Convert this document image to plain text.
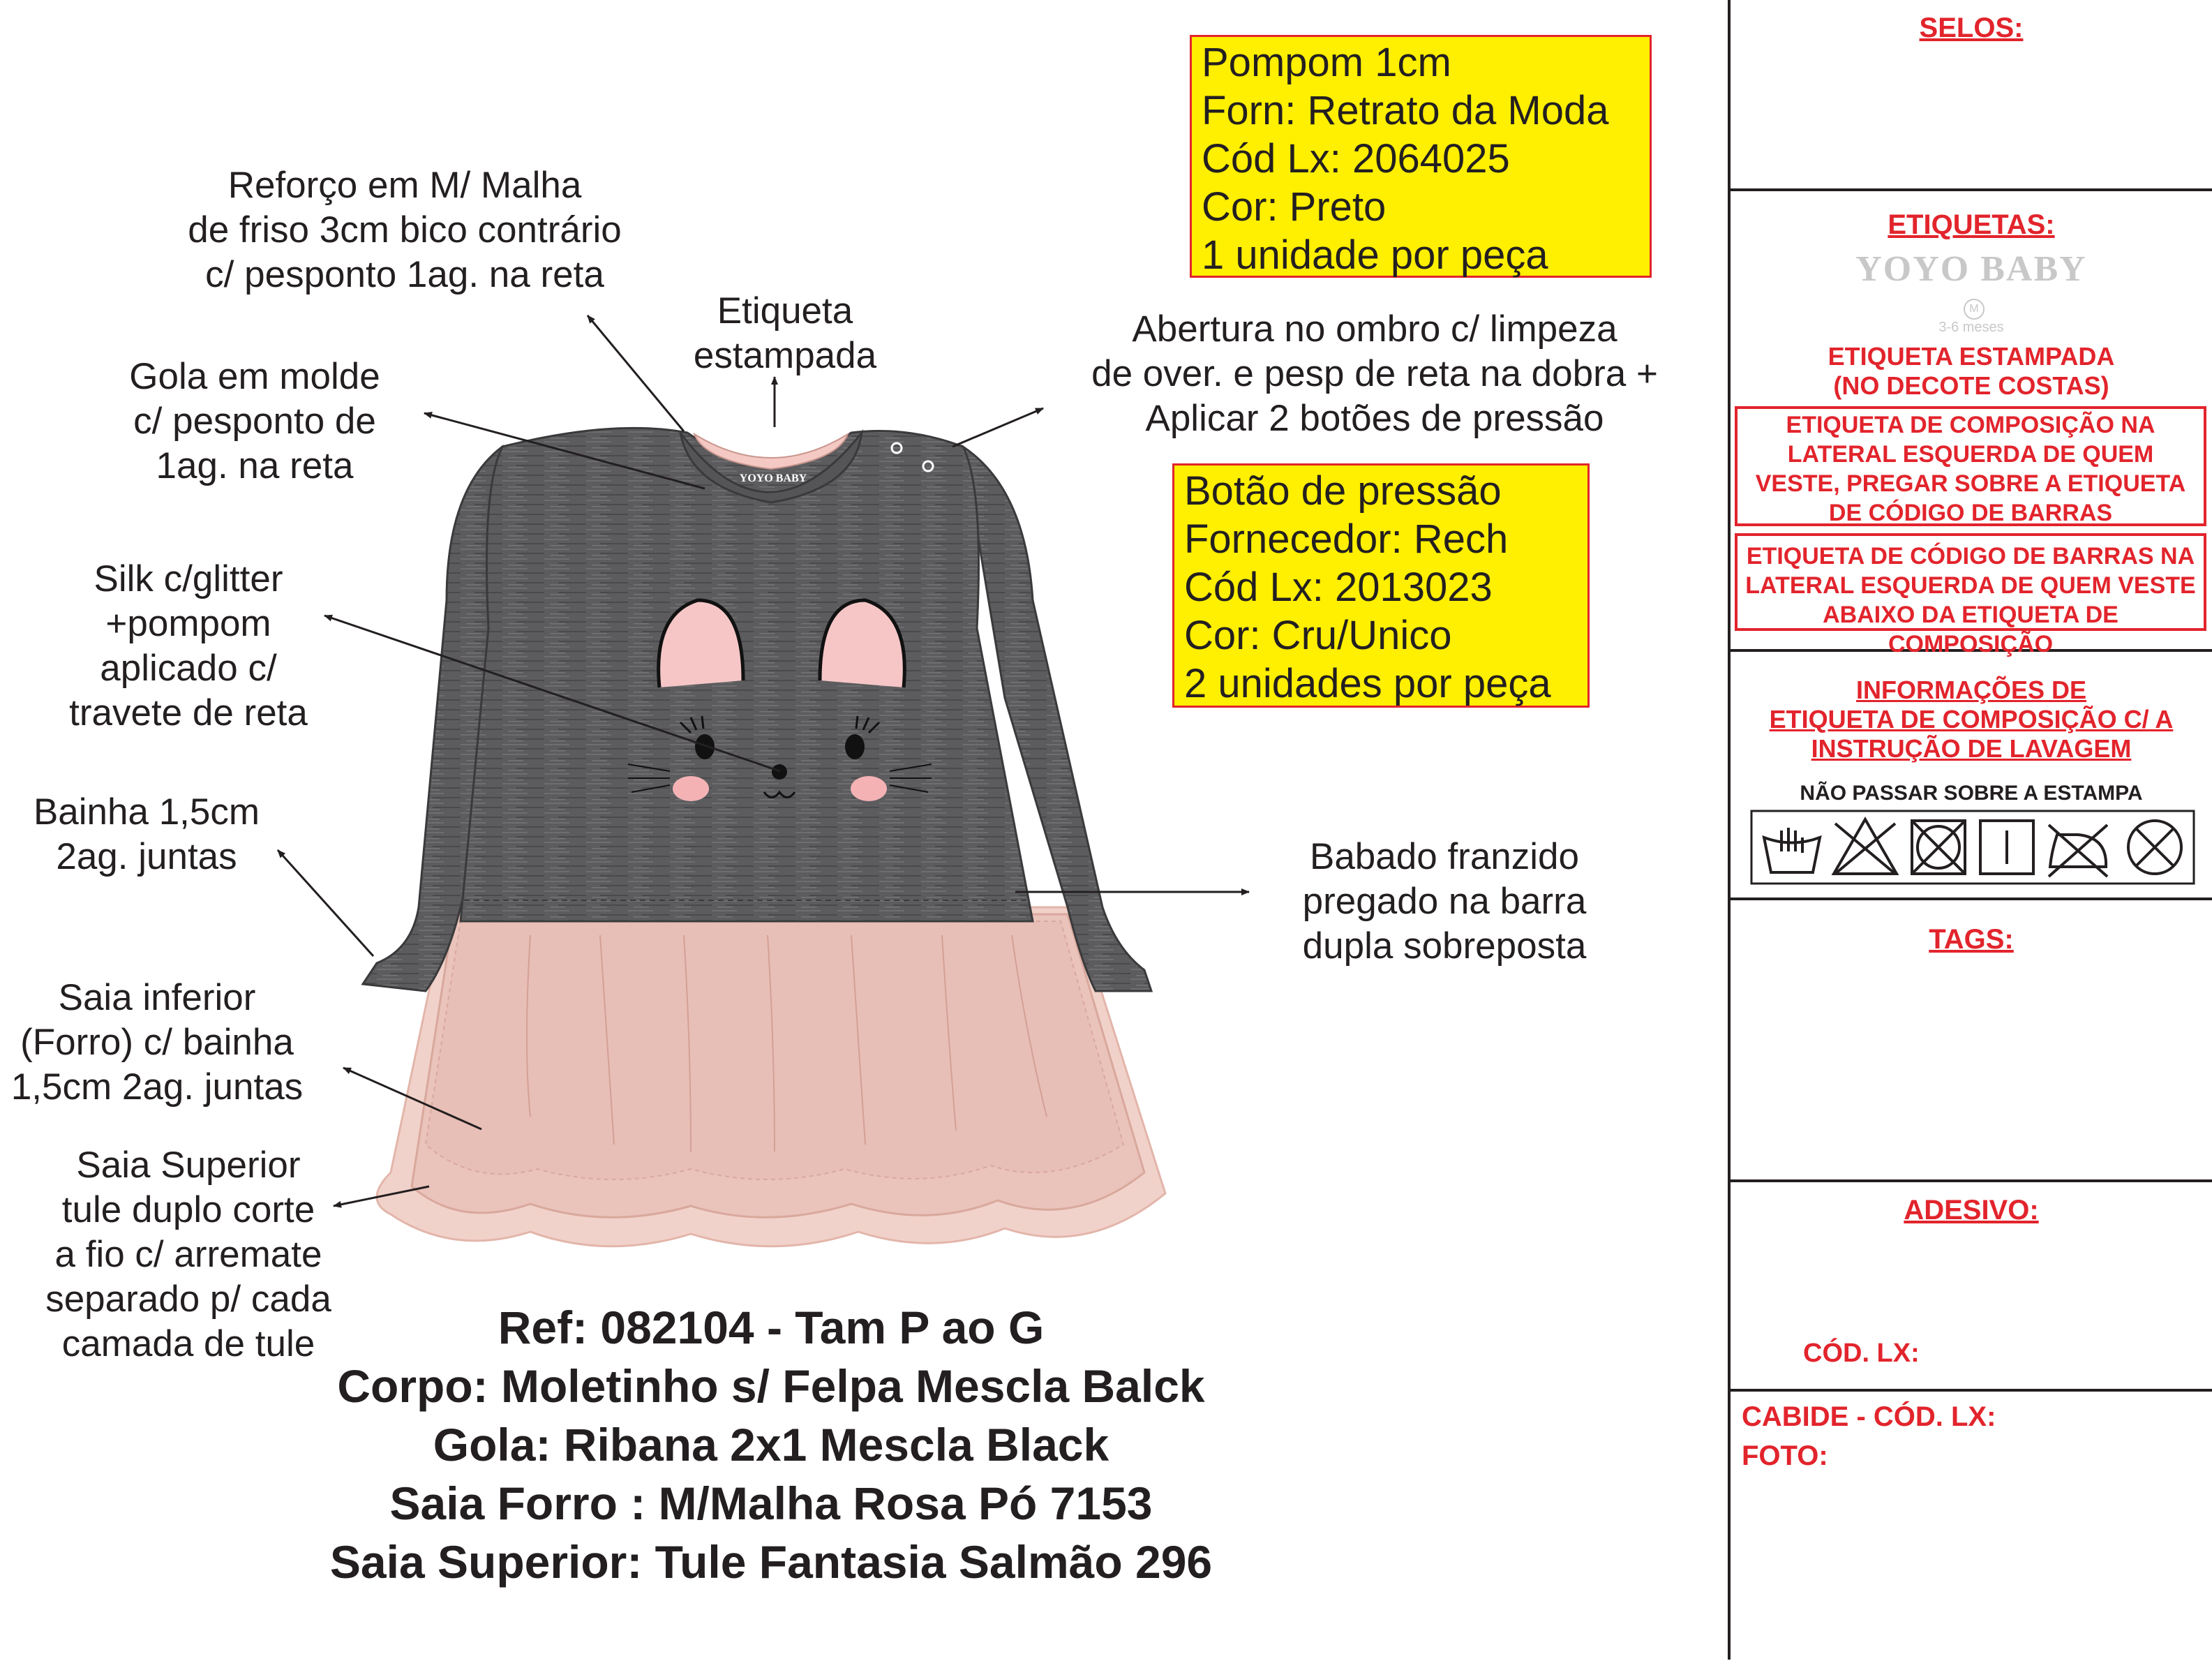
YOYO BABY
Reforço em M/ Malha
de friso 3cm bico contrário
c/ pesponto 1ag. na reta
Etiqueta
estampada
Abertura no ombro c/ limpeza
de over. e pesp de reta na dobra +
Aplicar 2 botões de pressão
Gola em molde
c/ pesponto de
1ag. na reta
Silk c/glitter
+pompom
aplicado c/
travete de reta
Bainha 1,5cm
2ag. juntas	Babado franzido
pregado na barra
dupla sobreposta
Saia inferior
(Forro) c/ bainha
1,5cm 2ag. juntas
Saia Superior
tule duplo corte
a fio c/ arremate
separado p/ cada
camada de tule
Pompom 1cm
Forn: Retrato da Moda
Cód Lx: 2064025
Cor: Preto
1 unidade por peça
Botão de pressão
Fornecedor: Rech
Cód Lx: 2013023
Cor: Cru/Unico
2 unidades por peça
Ref: 082104 - Tam P ao G
Corpo: Moletinho s/ Felpa Mescla Balck
Gola: Ribana 2x1 Mescla Black
Saia Forro : M/Malha Rosa Pó 7153
Saia Superior: Tule Fantasia Salmão 296
SELOS:
ETIQUETAS:
YOYO BABY
M
3-6 meses
ETIQUETA ESTAMPADA
(NO DECOTE COSTAS)
ETIQUETA DE COMPOSIÇÃO NA
LATERAL ESQUERDA DE QUEM
VESTE, PREGAR SOBRE A ETIQUETA
DE CÓDIGO DE BARRAS
ETIQUETA DE CÓDIGO DE BARRAS NA
LATERAL ESQUERDA DE QUEM VESTE
ABAIXO DA ETIQUETA DE COMPOSIÇÃO
INFORMAÇÕES DE
ETIQUETA DE COMPOSIÇÃO C/ A
INSTRUÇÃO DE LAVAGEM
NÃO PASSAR SOBRE A ESTAMPA
TAGS:
ADESIVO:
CÓD. LX:
CABIDE - CÓD. LX:
FOTO:
